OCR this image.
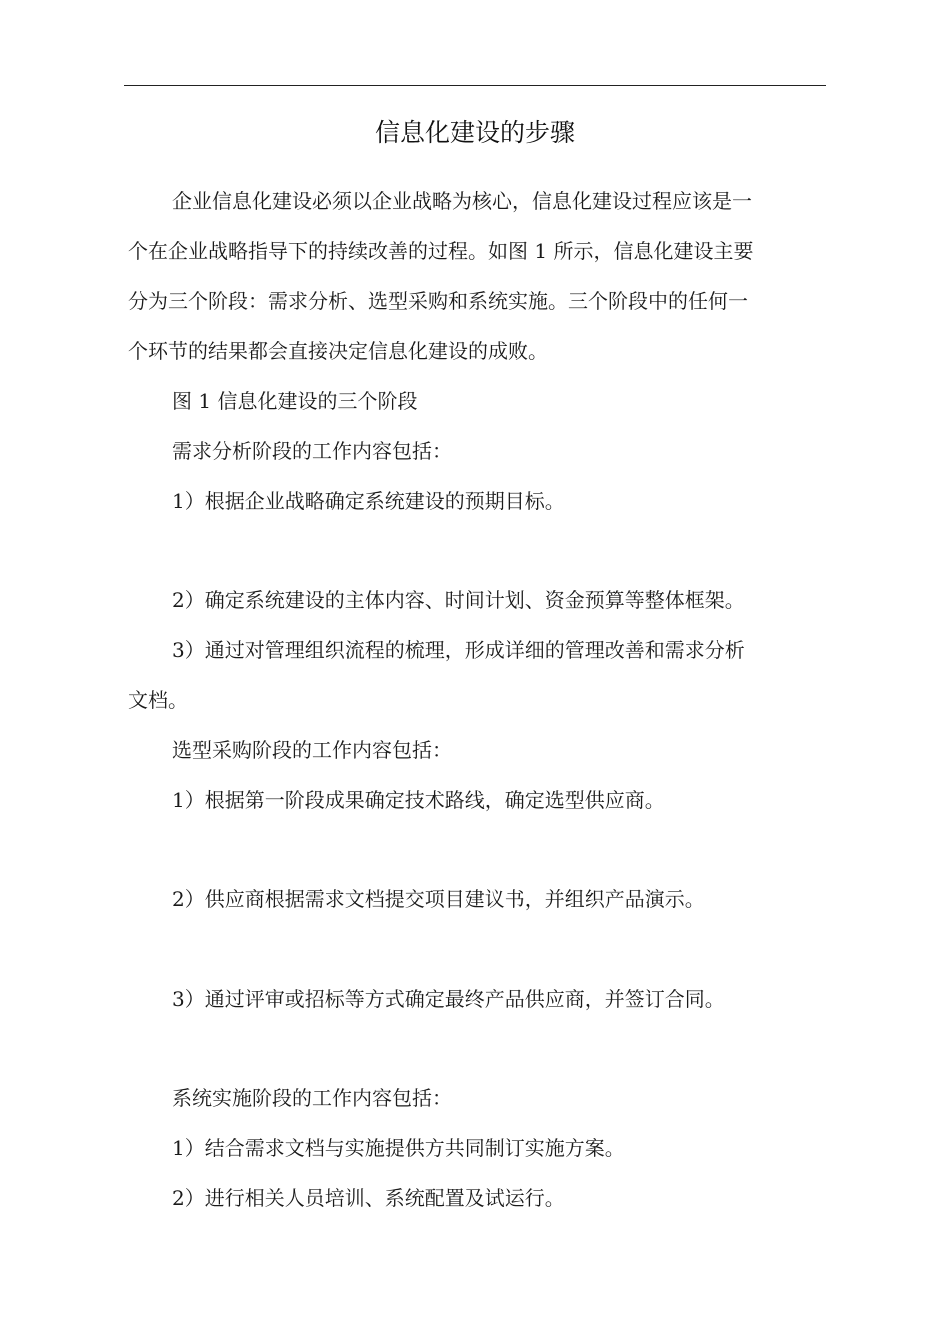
信息化建设的步骤
企业信息化建设必须以企业战略为核心，信息化建设过程应该是一
个在企业战略指导下的持续改善的过程。如图 1 所示，信息化建设主要
分为三个阶段：需求分析、选型采购和系统实施。三个阶段中的任何一
个环节的结果都会直接决定信息化建设的成败。
图 1 信息化建设的三个阶段
需求分析阶段的工作内容包括：
1）根据企业战略确定系统建设的预期目标。
2）确定系统建设的主体内容、时间计划、资金预算等整体框架。
3）通过对管理组织流程的梳理，形成详细的管理改善和需求分析
文档。
选型采购阶段的工作内容包括：
1）根据第一阶段成果确定技术路线，确定选型供应商。
2）供应商根据需求文档提交项目建议书，并组织产品演示。
3）通过评审或招标等方式确定最终产品供应商，并签订合同。
系统实施阶段的工作内容包括：
1）结合需求文档与实施提供方共同制订实施方案。
2）进行相关人员培训、系统配置及试运行。
